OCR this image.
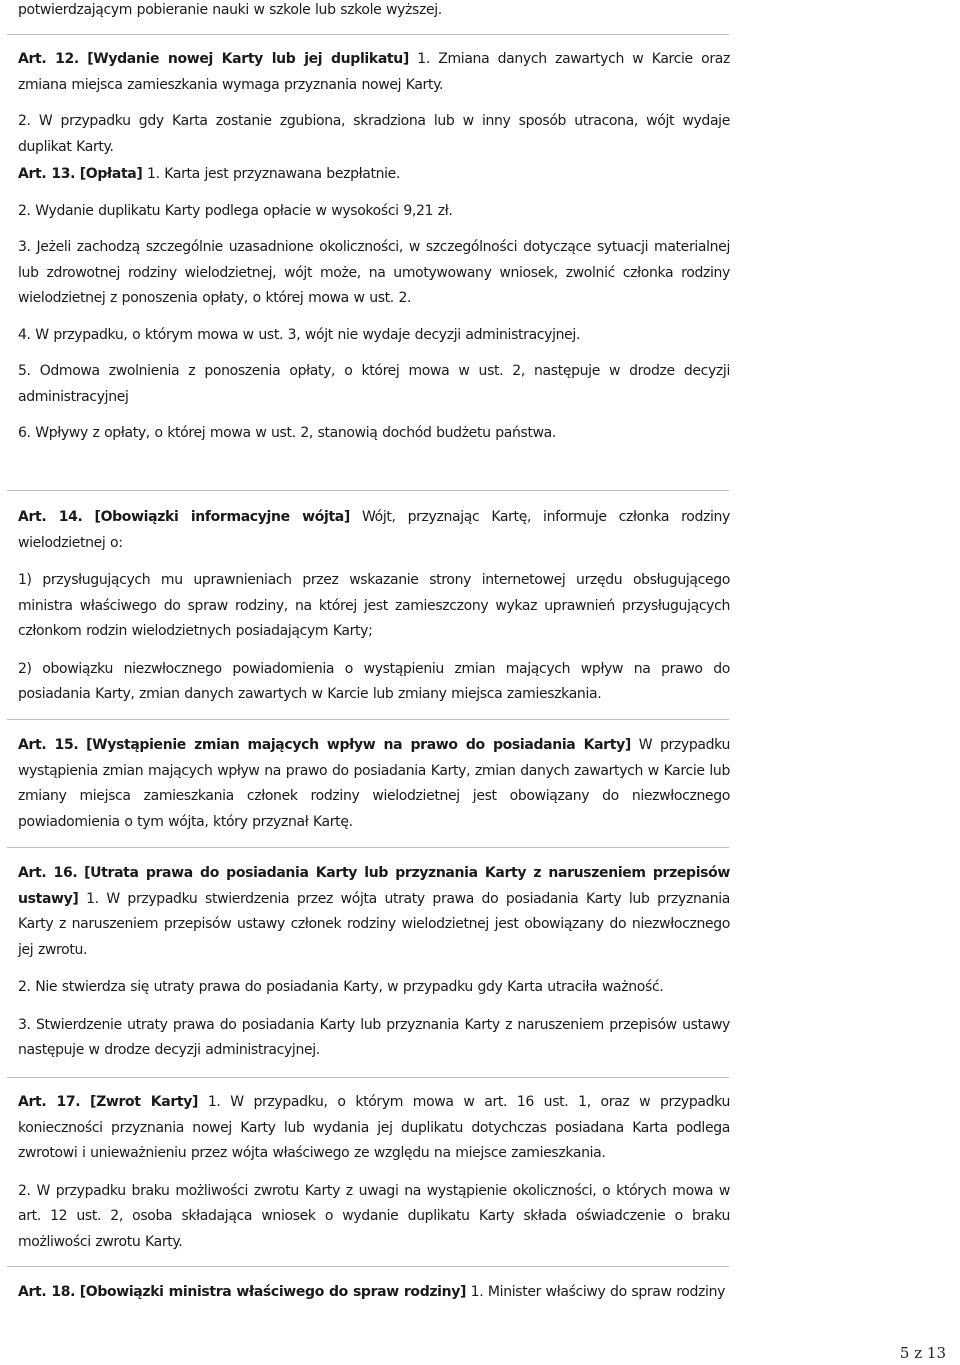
potwierdzającym pobieranie nauki w szkole lub szkole wyższej.

Art. 12. [Wydanie nowej Karty lub jej duplikatu] 1. Zmiana danych zawartych w Karcie oraz zmiana miejsca zamieszkania wymaga przyznania nowej Karty.

2. W przypadku gdy Karta zostanie zgubiona, skradziona lub w inny sposób utracona, wójt wydaje duplikat Karty.

Art. 13. [Opłata] 1. Karta jest przyznawana bezpłatnie.

2. Wydanie duplikatu Karty podlega opłacie w wysokości 9,21 zł.

3. Jeżeli zachodzą szczególnie uzasadnione okoliczności, w szczególności dotyczące sytuacji materialnej lub zdrowotnej rodziny wielodzietnej, wójt może, na umotywowany wniosek, zwolnić członka rodziny wielodzietnej z ponoszenia opłaty, o której mowa w ust. 2.

4. W przypadku, o którym mowa w ust. 3, wójt nie wydaje decyzji administracyjnej.

5. Odmowa zwolnienia z ponoszenia opłaty, o której mowa w ust. 2, następuje w drodze decyzji administracyjnej

6. Wpływy z opłaty, o której mowa w ust. 2, stanowią dochód budżetu państwa.

Art. 14. [Obowiązki informacyjne wójta] Wójt, przyznając Kartę, informuje członka rodziny wielodzietnej o:

1) przysługujących mu uprawnieniach przez wskazanie strony internetowej urzędu obsługującego ministra właściwego do spraw rodziny, na której jest zamieszczony wykaz uprawnień przysługujących członkom rodzin wielodzietnych posiadającym Karty;

2) obowiązku niezwłocznego powiadomienia o wystąpieniu zmian mających wpływ na prawo do posiadania Karty, zmian danych zawartych w Karcie lub zmiany miejsca zamieszkania.

Art. 15. [Wystąpienie zmian mających wpływ na prawo do posiadania Karty] W przypadku wystąpienia zmian mających wpływ na prawo do posiadania Karty, zmian danych zawartych w Karcie lub zmiany miejsca zamieszkania członek rodziny wielodzietnej jest obowiązany do niezwłocznego powiadomienia o tym wójta, który przyznał Kartę.

Art. 16. [Utrata prawa do posiadania Karty lub przyznania Karty z naruszeniem przepisów ustawy] 1. W przypadku stwierdzenia przez wójta utraty prawa do posiadania Karty lub przyznania Karty z naruszeniem przepisów ustawy członek rodziny wielodzietnej jest obowiązany do niezwłocznego jej zwrotu.

2. Nie stwierdza się utraty prawa do posiadania Karty, w przypadku gdy Karta utraciła ważność.

3. Stwierdzenie utraty prawa do posiadania Karty lub przyznania Karty z naruszeniem przepisów ustawy następuje w drodze decyzji administracyjnej.

Art. 17. [Zwrot Karty] 1. W przypadku, o którym mowa w art. 16 ust. 1, oraz w przypadku konieczności przyznania nowej Karty lub wydania jej duplikatu dotychczas posiadana Karta podlega zwrotowi i unieważnieniu przez wójta właściwego ze względu na miejsce zamieszkania.

2. W przypadku braku możliwości zwrotu Karty z uwagi na wystąpienie okoliczności, o których mowa w art. 12 ust. 2, osoba składająca wniosek o wydanie duplikatu Karty składa oświadczenie o braku możliwości zwrotu Karty.

Art. 18. [Obowiązki ministra właściwego do spraw rodziny] 1. Minister właściwy do spraw rodziny

5 z 13
